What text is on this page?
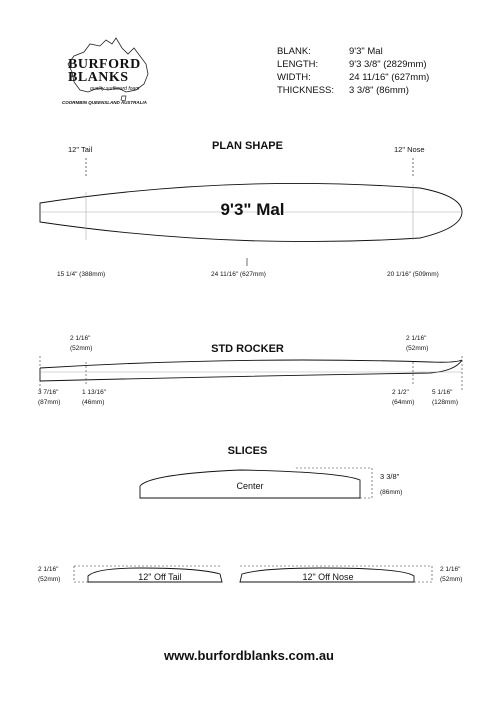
BURFORD
BLANKS
quality surfboard foam
COORMBIN QUEENSLAND AUSTRALIA
BLANK:	9'3" Mal
LENGTH:	9'3 3/8" (2829mm)
WIDTH:	24 11/16" (627mm)
THICKNESS:	3 3/8" (86mm)
PLAN SHAPE
12" Tail	12" Nose
9'3" Mal
15 1/4" (388mm)	24 11/16" (627mm)	20 1/16" (509mm)
STD ROCKER
2 1/16"
(52mm)
2 1/16"
(52mm)
3 7/16"
(87mm)
1 13/16"
(46mm)
2 1/2"
(64mm)
5 1/16"
(128mm)
SLICES
Center
3 3/8"
(86mm)
12" Off Tail	12" Off Nose
2 1/16"
(52mm)
2 1/16"
(52mm)
www.burfordblanks.com.au
